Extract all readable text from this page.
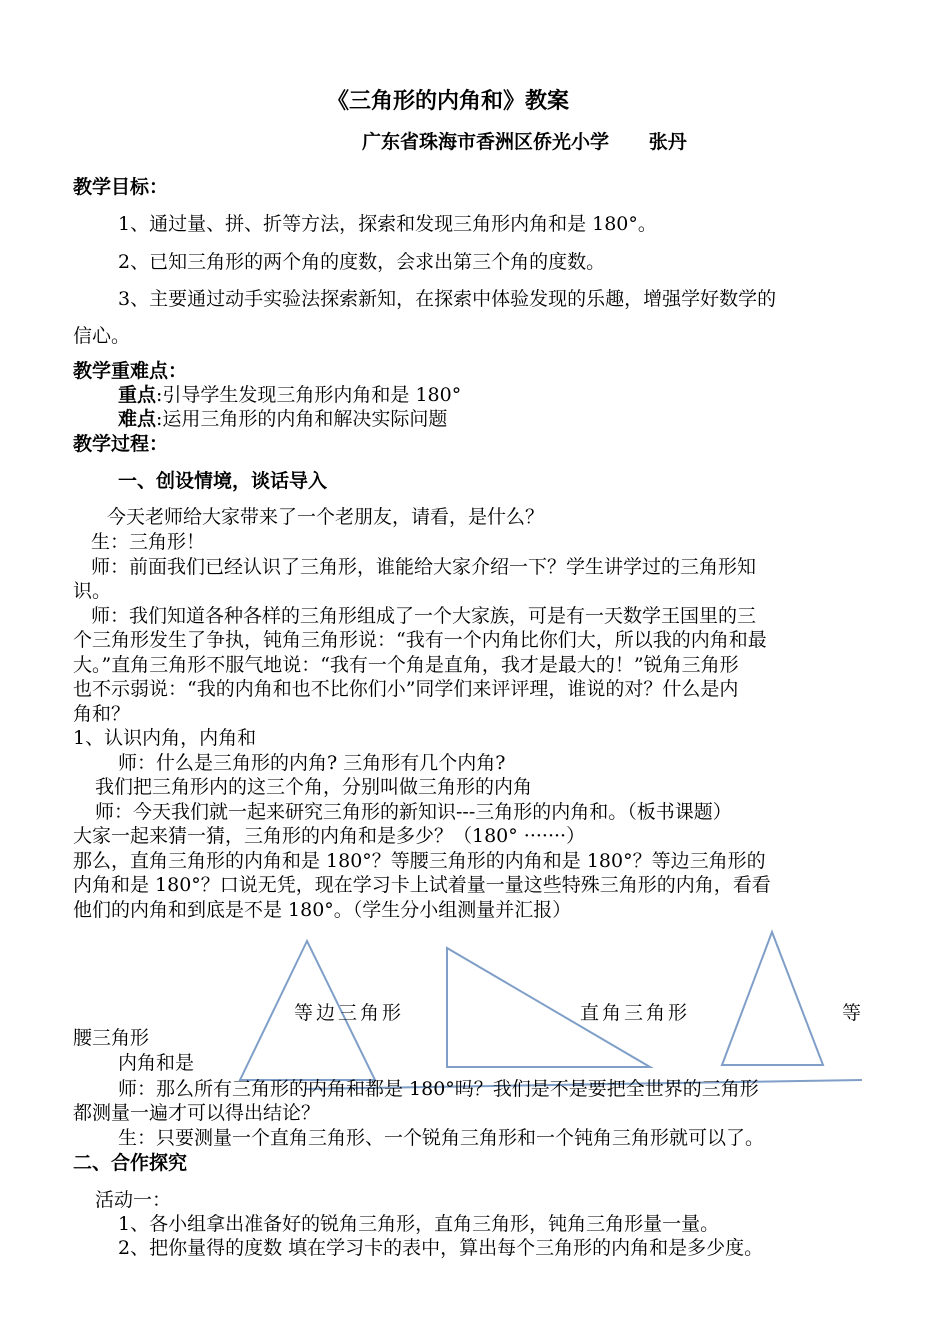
《三角形的内角和》教案
广东省珠海市香洲区侨光小学      张丹
教学目标：
1、通过量、拼、折等方法，探索和发现三角形内角和是 180°。
2、已知三角形的两个角的度数，会求出第三个角的度数。
3、主要通过动手实验法探索新知，在探索中体验发现的乐趣，增强学好数学的
信心。
教学重难点：
重点:引导学生发现三角形内角和是 180°
难点:运用三角形的内角和解决实际问题
教学过程：
一、创设情境，谈话导入
今天老师给大家带来了一个老朋友，请看，是什么？
生：三角形！
师：前面我们已经认识了三角形，谁能给大家介绍一下？学生讲学过的三角形知
识。
师：我们知道各种各样的三角形组成了一个大家族，可是有一天数学王国里的三
个三角形发生了争执，钝角三角形说：“我有一个内角比你们大，所以我的内角和最
大。”直角三角形不服气地说：“我有一个角是直角，我才是最大的！”锐角三角形
也不示弱说：“我的内角和也不比你们小”同学们来评评理，谁说的对？什么是内
角和？
1、认识内角，内角和
师：什么是三角形的内角? 三角形有几个内角?
我们把三角形内的这三个角，分别叫做三角形的内角
师：今天我们就一起来研究三角形的新知识---三角形的内角和。（板书课题）
大家一起来猜一猜，三角形的内角和是多少？（180° ·······）
那么，直角三角形的内角和是 180°？等腰三角形的内角和是 180°？等边三角形的
内角和是 180°？口说无凭，现在学习卡上试着量一量这些特殊三角形的内角，看看
他们的内角和到底是不是 180°。（学生分小组测量并汇报）
等边三角形	直角三角形	等
腰三角形
内角和是
师：那么所有三角形的内角和都是 180°吗？我们是不是要把全世界的三角形
都测量一遍才可以得出结论？
生：只要测量一个直角三角形、一个锐角三角形和一个钝角三角形就可以了。
二、合作探究
活动一：
1、各小组拿出准备好的锐角三角形，直角三角形，钝角三角形量一量。
2、把你量得的度数 填在学习卡的表中，算出每个三角形的内角和是多少度。
